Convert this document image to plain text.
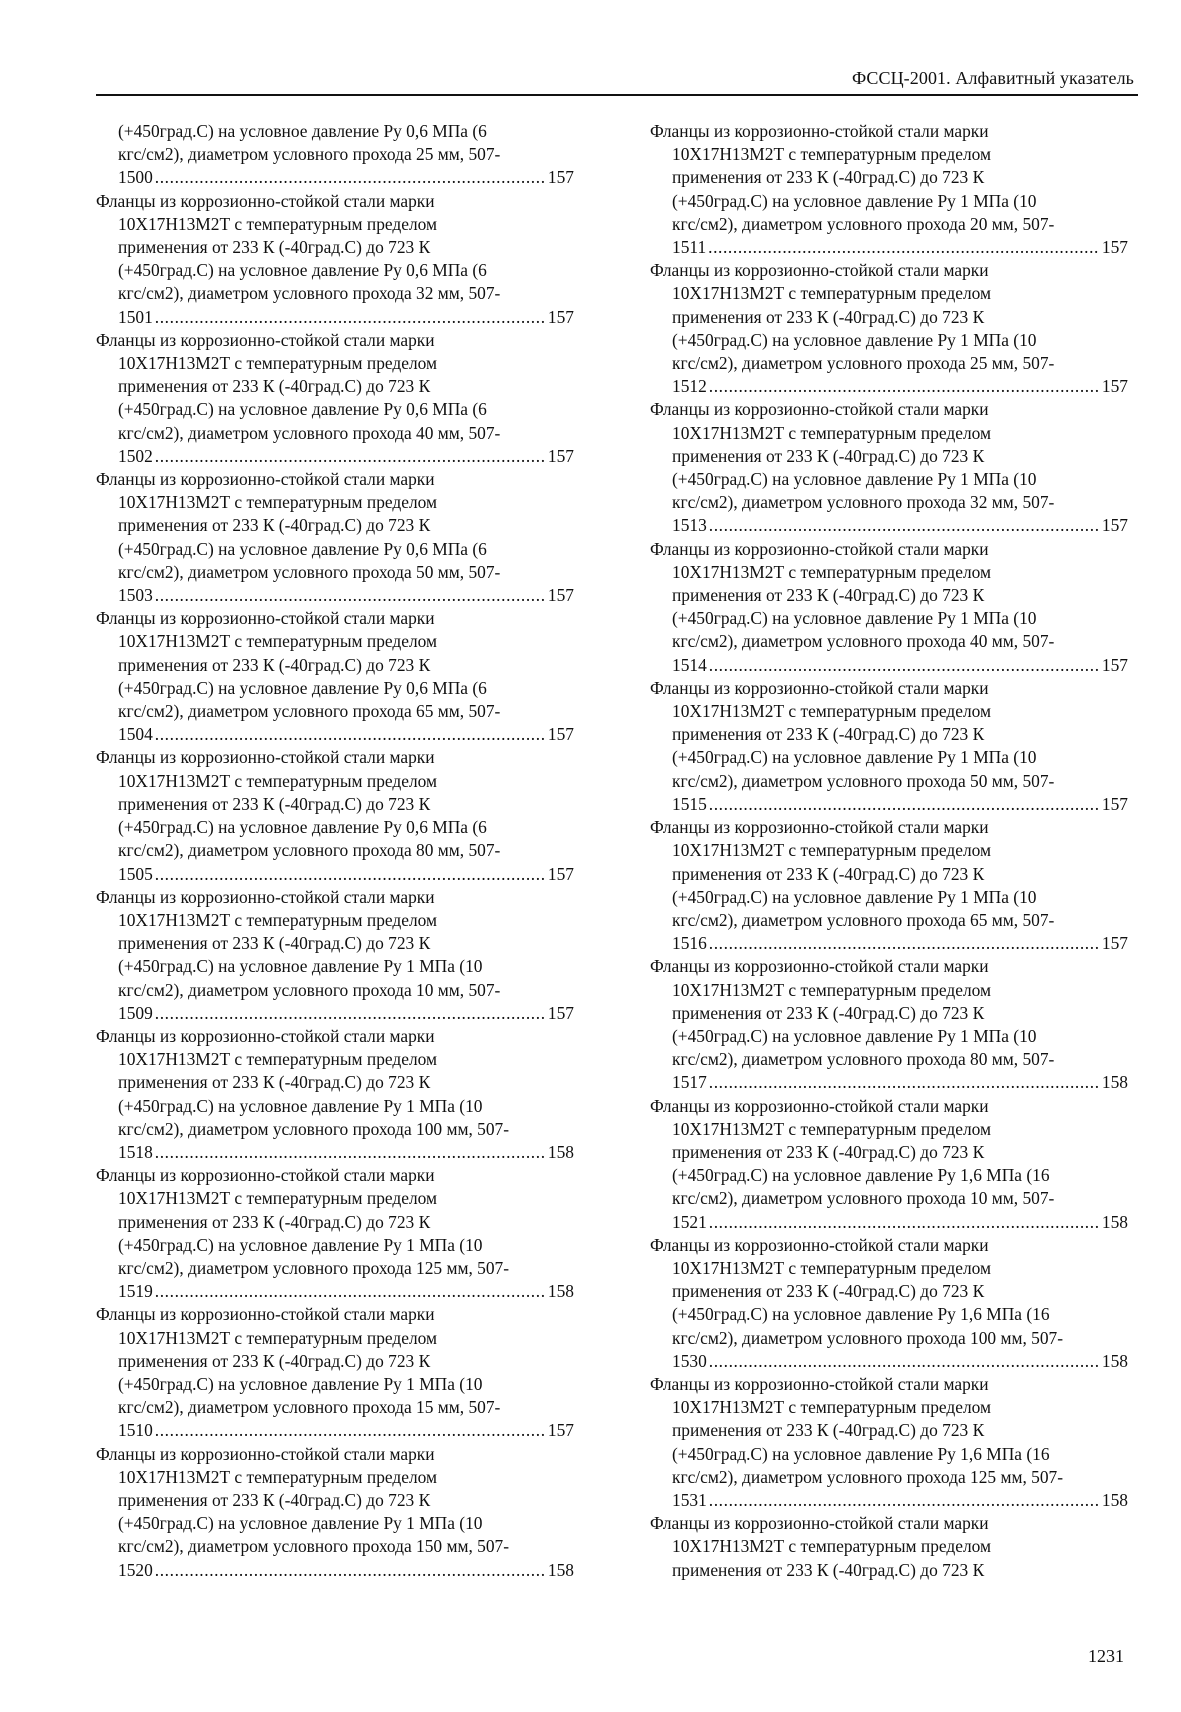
ФССЦ-2001. Алфавитный указатель
(+450град.С) на условное давление Ру 0,6 МПа (6
кгс/см2), диаметром условного прохода 25 мм, 507-
1500 .....	157
Фланцы из коррозионно-стойкой стали марки
10Х17Н13М2Т с температурным пределом
применения от 233 К (-40град.С) до 723 К
(+450град.С) на условное давление Ру 0,6 МПа (6
кгс/см2), диаметром условного прохода 32 мм, 507-
1501 .....	157
Фланцы из коррозионно-стойкой стали марки
10Х17Н13М2Т с температурным пределом
применения от 233 К (-40град.С) до 723 К
(+450град.С) на условное давление Ру 0,6 МПа (6
кгс/см2), диаметром условного прохода 40 мм, 507-
1502 .....	157
Фланцы из коррозионно-стойкой стали марки
10Х17Н13М2Т с температурным пределом
применения от 233 К (-40град.С) до 723 К
(+450град.С) на условное давление Ру 0,6 МПа (6
кгс/см2), диаметром условного прохода 50 мм, 507-
1503 .....	157
Фланцы из коррозионно-стойкой стали марки
10Х17Н13М2Т с температурным пределом
применения от 233 К (-40град.С) до 723 К
(+450град.С) на условное давление Ру 0,6 МПа (6
кгс/см2), диаметром условного прохода 65 мм, 507-
1504 .....	157
Фланцы из коррозионно-стойкой стали марки
10Х17Н13М2Т с температурным пределом
применения от 233 К (-40град.С) до 723 К
(+450град.С) на условное давление Ру 0,6 МПа (6
кгс/см2), диаметром условного прохода 80 мм, 507-
1505 .....	157
Фланцы из коррозионно-стойкой стали марки
10Х17Н13М2Т с температурным пределом
применения от 233 К (-40град.С) до 723 К
(+450град.С) на условное давление Ру 1 МПа (10
кгс/см2), диаметром условного прохода 10 мм, 507-
1509 .....	157
Фланцы из коррозионно-стойкой стали марки
10Х17Н13М2Т с температурным пределом
применения от 233 К (-40град.С) до 723 К
(+450град.С) на условное давление Ру 1 МПа (10
кгс/см2), диаметром условного прохода 100 мм, 507-
1518 .....	158
Фланцы из коррозионно-стойкой стали марки
10Х17Н13М2Т с температурным пределом
применения от 233 К (-40град.С) до 723 К
(+450град.С) на условное давление Ру 1 МПа (10
кгс/см2), диаметром условного прохода 125 мм, 507-
1519 .....	158
Фланцы из коррозионно-стойкой стали марки
10Х17Н13М2Т с температурным пределом
применения от 233 К (-40град.С) до 723 К
(+450град.С) на условное давление Ру 1 МПа (10
кгс/см2), диаметром условного прохода 15 мм, 507-
1510 .....	157
Фланцы из коррозионно-стойкой стали марки
10Х17Н13М2Т с температурным пределом
применения от 233 К (-40град.С) до 723 К
(+450град.С) на условное давление Ру 1 МПа (10
кгс/см2), диаметром условного прохода 150 мм, 507-
1520 .....	158
Фланцы из коррозионно-стойкой стали марки
10Х17Н13М2Т с температурным пределом
применения от 233 К (-40град.С) до 723 К
(+450град.С) на условное давление Ру 1 МПа (10
кгс/см2), диаметром условного прохода 20 мм, 507-
1511 .....	157
Фланцы из коррозионно-стойкой стали марки
10Х17Н13М2Т с температурным пределом
применения от 233 К (-40град.С) до 723 К
(+450град.С) на условное давление Ру 1 МПа (10
кгс/см2), диаметром условного прохода 25 мм, 507-
1512 .....	157
Фланцы из коррозионно-стойкой стали марки
10Х17Н13М2Т с температурным пределом
применения от 233 К (-40град.С) до 723 К
(+450град.С) на условное давление Ру 1 МПа (10
кгс/см2), диаметром условного прохода 32 мм, 507-
1513 .....	157
Фланцы из коррозионно-стойкой стали марки
10Х17Н13М2Т с температурным пределом
применения от 233 К (-40град.С) до 723 К
(+450град.С) на условное давление Ру 1 МПа (10
кгс/см2), диаметром условного прохода 40 мм, 507-
1514 .....	157
Фланцы из коррозионно-стойкой стали марки
10Х17Н13М2Т с температурным пределом
применения от 233 К (-40град.С) до 723 К
(+450град.С) на условное давление Ру 1 МПа (10
кгс/см2), диаметром условного прохода 50 мм, 507-
1515 .....	157
Фланцы из коррозионно-стойкой стали марки
10Х17Н13М2Т с температурным пределом
применения от 233 К (-40град.С) до 723 К
(+450град.С) на условное давление Ру 1 МПа (10
кгс/см2), диаметром условного прохода 65 мм, 507-
1516 .....	157
Фланцы из коррозионно-стойкой стали марки
10Х17Н13М2Т с температурным пределом
применения от 233 К (-40град.С) до 723 К
(+450град.С) на условное давление Ру 1 МПа (10
кгс/см2), диаметром условного прохода 80 мм, 507-
1517 .....	158
Фланцы из коррозионно-стойкой стали марки
10Х17Н13М2Т с температурным пределом
применения от 233 К (-40град.С) до 723 К
(+450град.С) на условное давление Ру 1,6 МПа (16
кгс/см2), диаметром условного прохода 10 мм, 507-
1521 .....	158
Фланцы из коррозионно-стойкой стали марки
10Х17Н13М2Т с температурным пределом
применения от 233 К (-40град.С) до 723 К
(+450град.С) на условное давление Ру 1,6 МПа (16
кгс/см2), диаметром условного прохода 100 мм, 507-
1530 .....	158
Фланцы из коррозионно-стойкой стали марки
10Х17Н13М2Т с температурным пределом
применения от 233 К (-40град.С) до 723 К
(+450град.С) на условное давление Ру 1,6 МПа (16
кгс/см2), диаметром условного прохода 125 мм, 507-
1531 .....	158
Фланцы из коррозионно-стойкой стали марки
10Х17Н13М2Т с температурным пределом
применения от 233 К (-40град.С) до 723 К
1231
